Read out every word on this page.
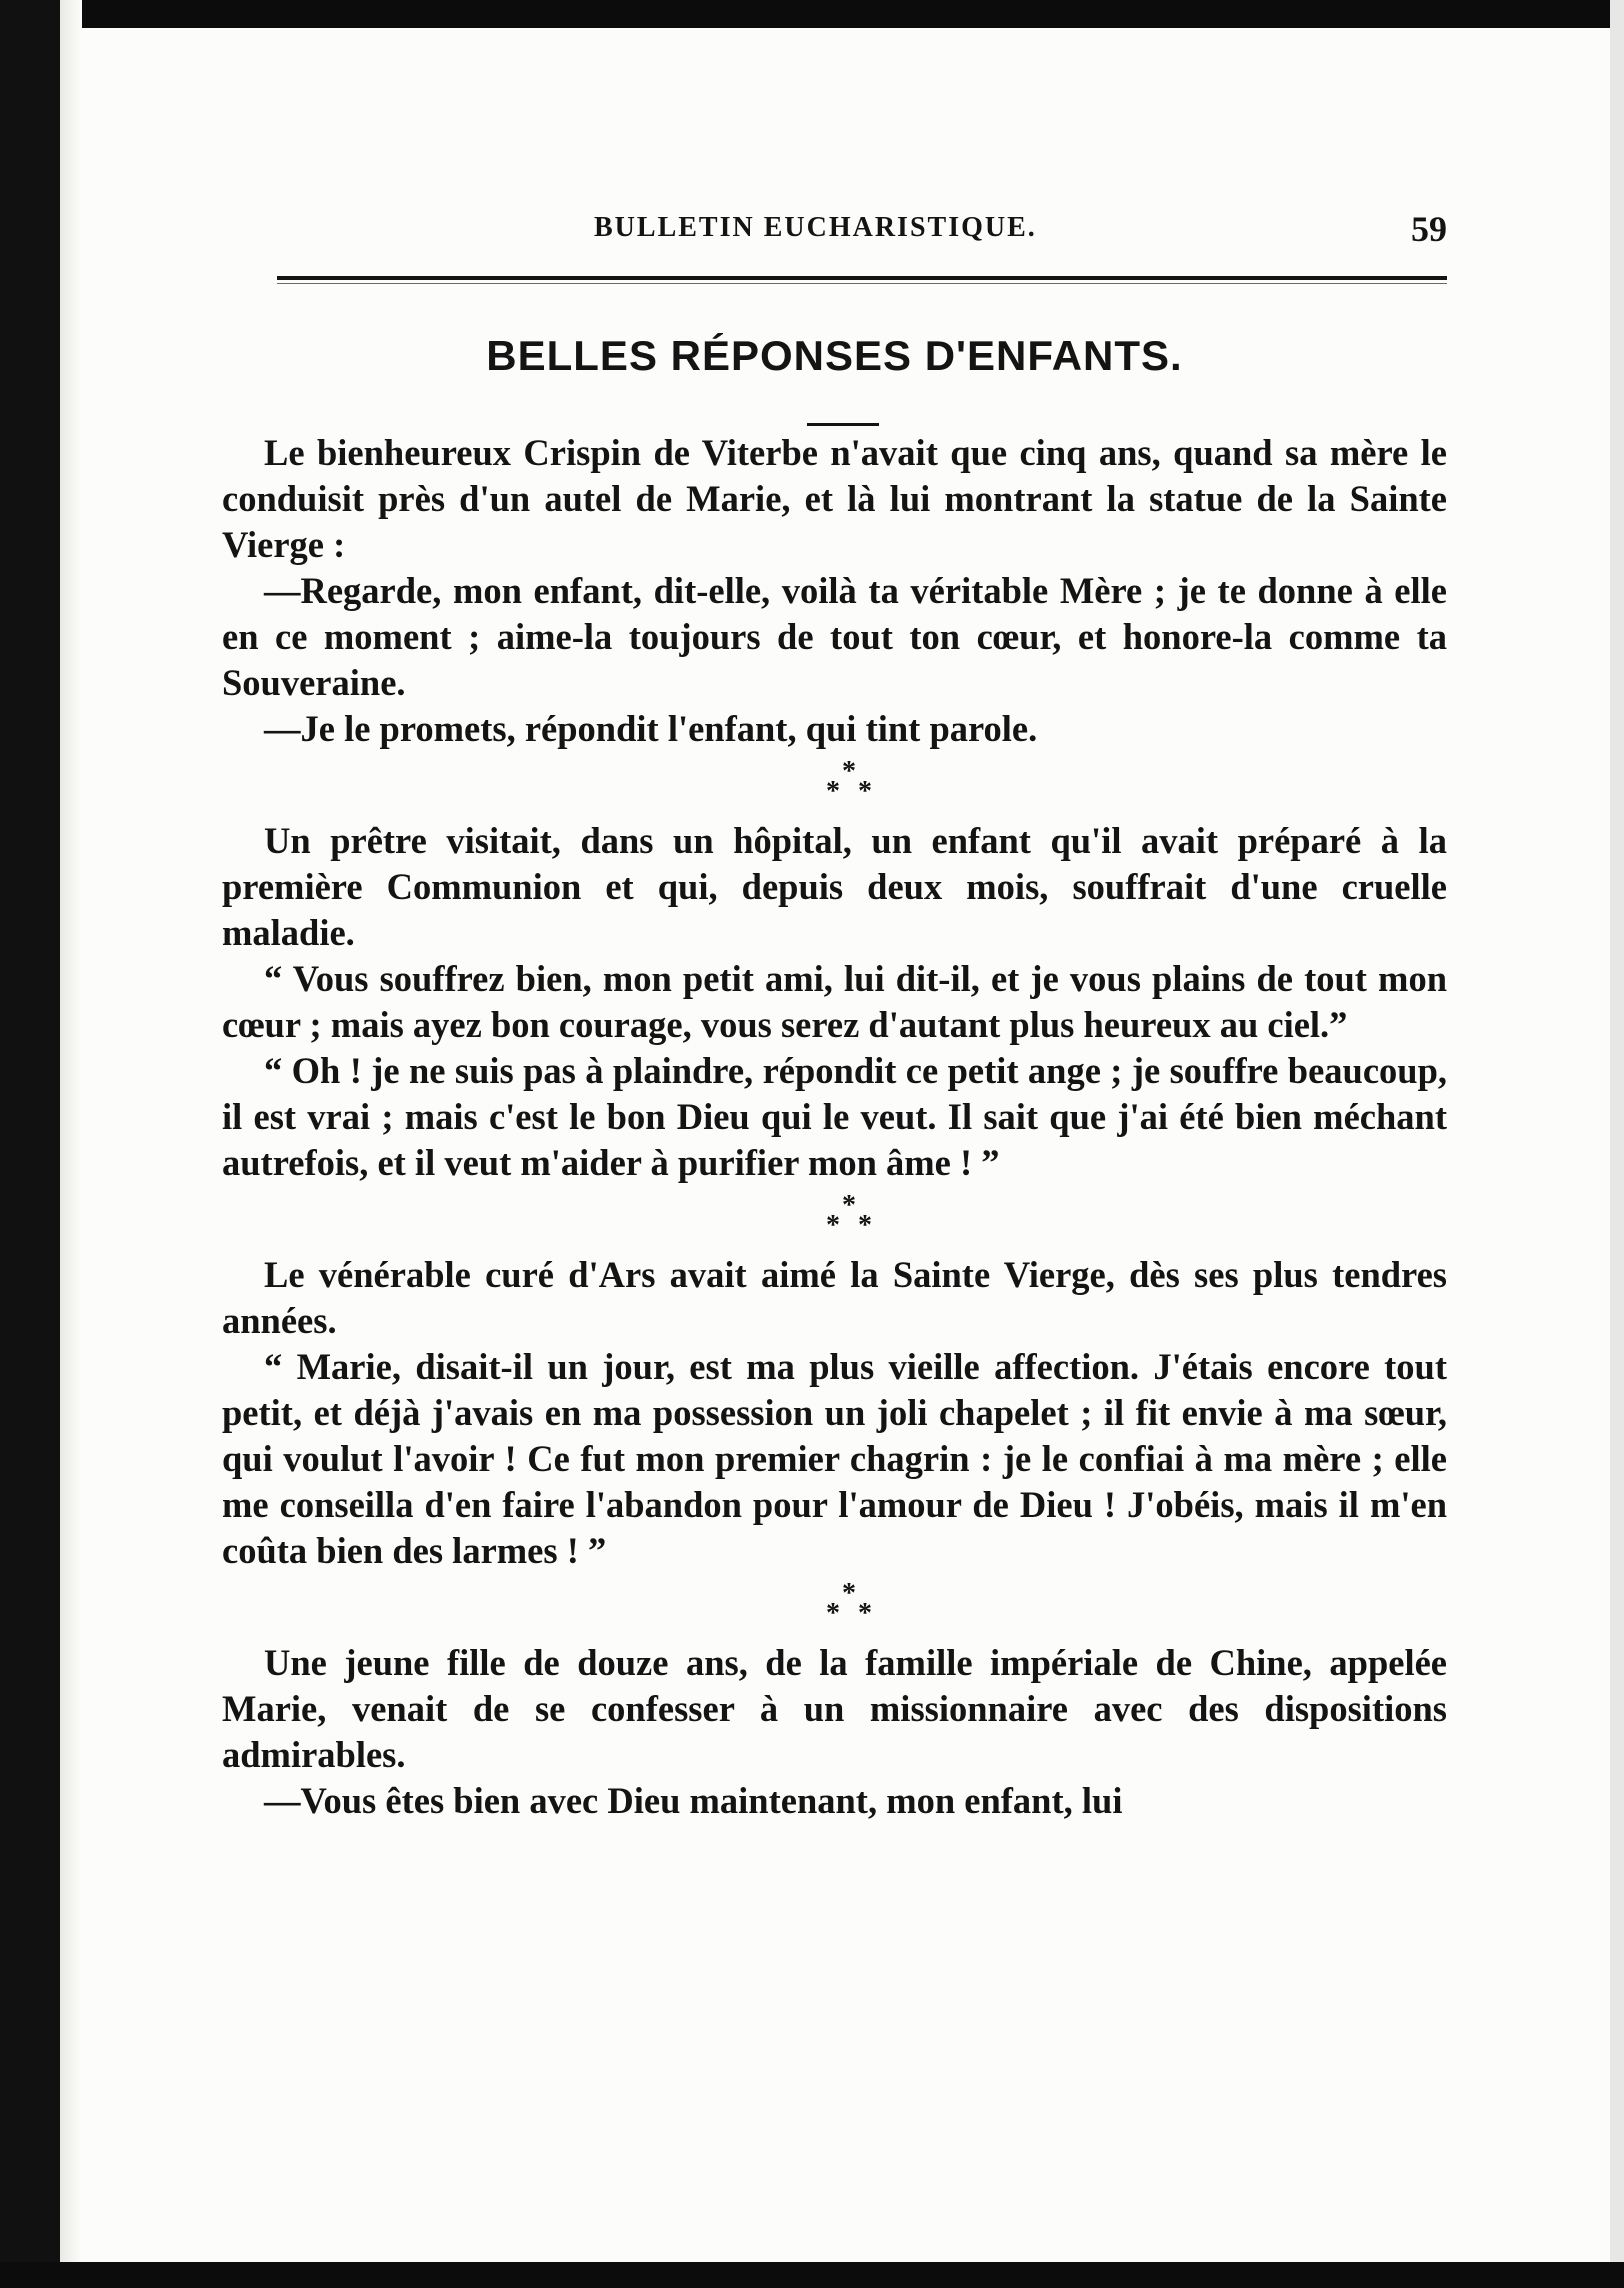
BULLETIN EUCHARISTIQUE.	59
BELLES RÉPONSES D'ENFANTS.

Le bienheureux Crispin de Viterbe n'avait que cinq ans, quand sa mère le conduisit près d'un autel de Marie, et là lui montrant la statue de la Sainte Vierge :

—Regarde, mon enfant, dit-elle, voilà ta véritable Mère ; je te donne à elle en ce moment ; aime-la toujours de tout ton cœur, et honore-la comme ta Souveraine.

—Je le promets, répondit l'enfant, qui tint parole.

*
* *

Un prêtre visitait, dans un hôpital, un enfant qu'il avait préparé à la première Communion et qui, depuis deux mois, souffrait d'une cruelle maladie.

“ Vous souffrez bien, mon petit ami, lui dit-il, et je vous plains de tout mon cœur ; mais ayez bon courage, vous serez d'autant plus heureux au ciel.”

“ Oh ! je ne suis pas à plaindre, répondit ce petit ange ; je souffre beaucoup, il est vrai ; mais c'est le bon Dieu qui le veut. Il sait que j'ai été bien méchant autrefois, et il veut m'aider à purifier mon âme ! ”

*
* *

Le vénérable curé d'Ars avait aimé la Sainte Vierge, dès ses plus tendres années.

“ Marie, disait-il un jour, est ma plus vieille affection. J'étais encore tout petit, et déjà j'avais en ma possession un joli chapelet ; il fit envie à ma sœur, qui voulut l'avoir ! Ce fut mon premier chagrin : je le confiai à ma mère ; elle me conseilla d'en faire l'abandon pour l'amour de Dieu ! J'obéis, mais il m'en coûta bien des larmes ! ”

*
* *

Une jeune fille de douze ans, de la famille impériale de Chine, appelée Marie, venait de se confesser à un missionnaire avec des dispositions admirables.

—Vous êtes bien avec Dieu maintenant, mon enfant, lui
